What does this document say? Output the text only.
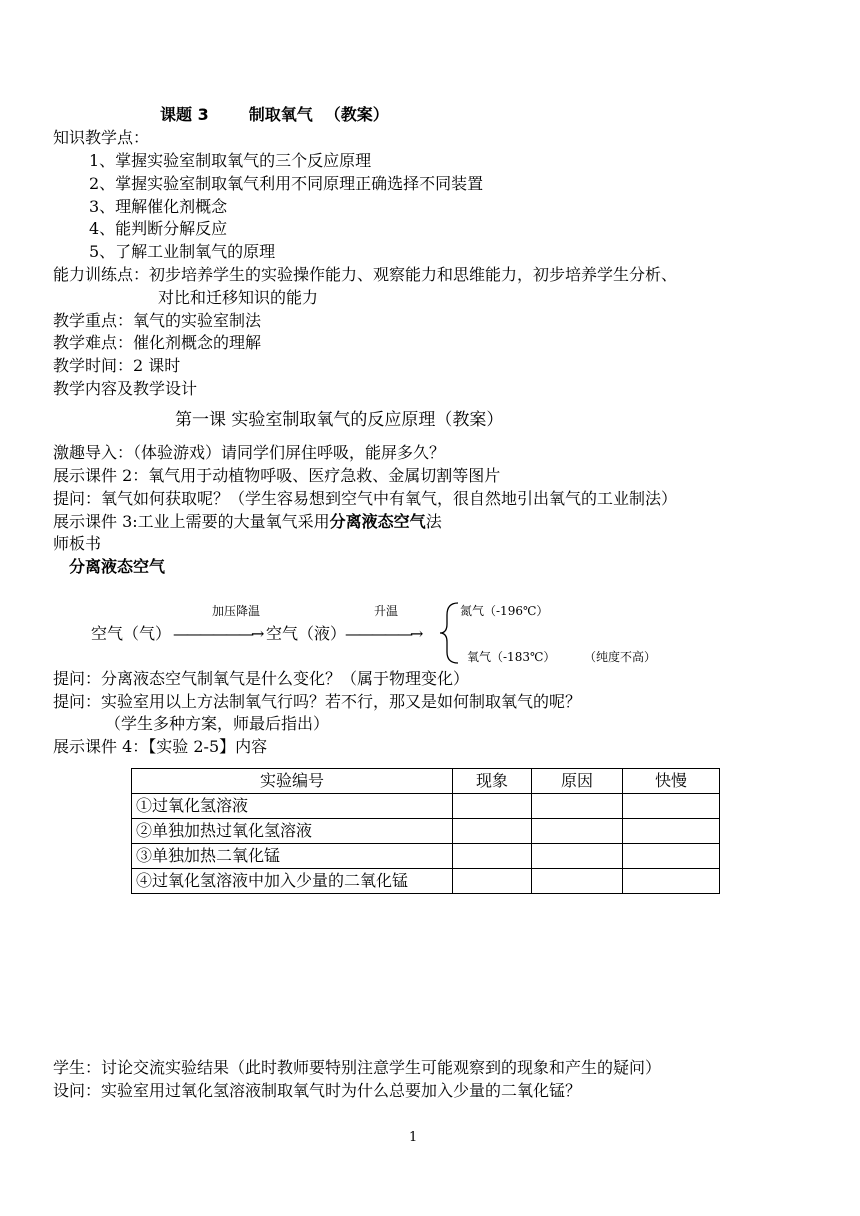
课题 3	制取氧气 （教案）
知识教学点：
1、掌握实验室制取氧气的三个反应原理
2、掌握实验室制取氧气利用不同原理正确选择不同装置
3、理解催化剂概念
4、能判断分解反应
5、了解工业制氧气的原理
能力训练点：初步培养学生的实验操作能力、观察能力和思维能力，初步培养学生分析、
对比和迁移知识的能力
教学重点：氧气的实验室制法
教学难点：催化剂概念的理解
教学时间：2 课时
教学内容及教学设计
第一课 实验室制取氧气的反应原理（教案）
激趣导入：（体验游戏）请同学们屏住呼吸，能屏多久？
展示课件 2：氧气用于动植物呼吸、医疗急救、金属切割等图片
提问：氧气如何获取呢？（学生容易想到空气中有氧气，很自然地引出氧气的工业制法）
展示课件 3:工业上需要的大量氧气采用分离液态空气法
师板书
分离液态空气
加压降温	升温
空气（气） ——————→ 空气（液）
—————→
氮气（-196℃）
氧气（-183℃） （纯度不高）
提问：分离液态空气制氧气是什么变化？（属于物理变化）
提问：实验室用以上方法制氧气行吗？若不行，那又是如何制取氧气的呢？
（学生多种方案，师最后指出）
展示课件 4：【实验 2-5】内容
实验编号	现象	原因	快慢
①过氧化氢溶液			
②单独加热过氧化氢溶液			
③单独加热二氧化锰			
④过氧化氢溶液中加入少量的二氧化锰			
学生：讨论交流实验结果（此时教师要特别注意学生可能观察到的现象和产生的疑问）
设问：实验室用过氧化氢溶液制取氧气时为什么总要加入少量的二氧化锰？
1
